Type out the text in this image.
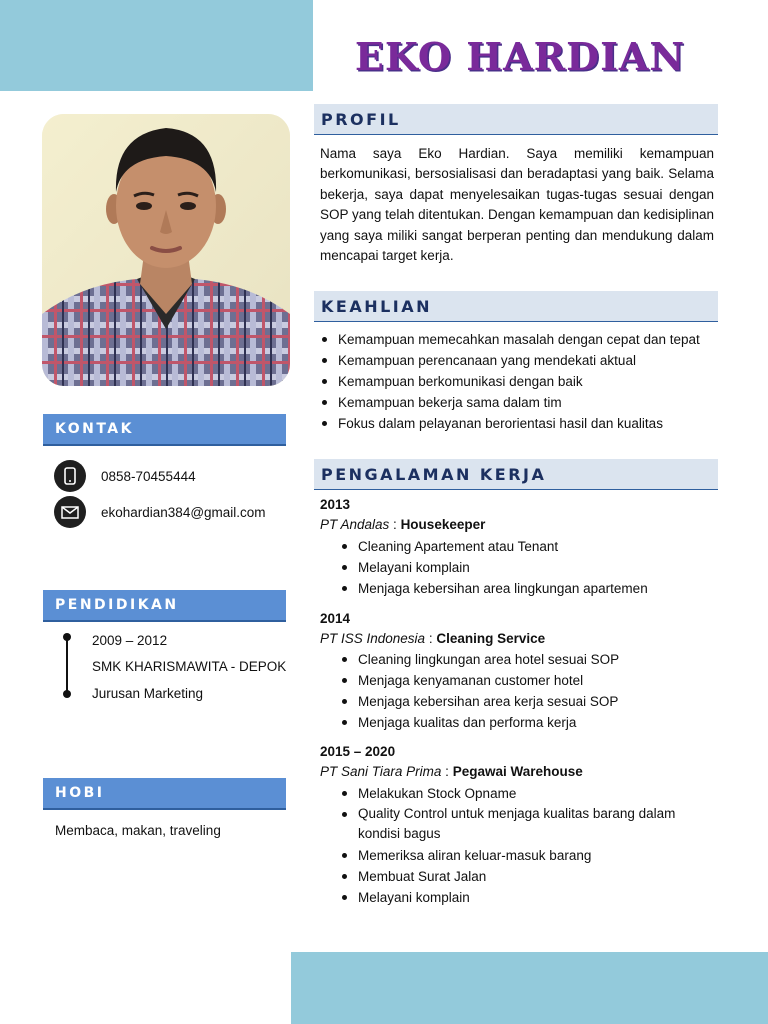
EKO HARDIAN
KONTAK
0858-70455444
ekohardian384@gmail.com
PENDIDIKAN
2009 – 2012
SMK KHARISMAWITA - DEPOK
Jurusan Marketing
HOBI
Membaca, makan, traveling
PROFIL

Nama saya Eko Hardian. Saya memiliki kemampuan berkomunikasi, bersosialisasi dan beradaptasi yang baik. Selama bekerja, saya dapat menyelesaikan tugas-tugas sesuai dengan SOP yang telah ditentukan. Dengan kemampuan dan kedisiplinan yang saya miliki sangat berperan penting dan mendukung dalam mencapai target kerja.

KEAHLIAN
Kemampuan memecahkan masalah dengan cepat dan tepat
Kemampuan perencanaan yang mendekati aktual
Kemampuan berkomunikasi dengan baik
Kemampuan bekerja sama dalam tim
Fokus dalam pelayanan berorientasi hasil dan kualitas
PENGALAMAN KERJA
2013
PT Andalas : Housekeeper
Cleaning Apartement atau Tenant
Melayani komplain
Menjaga kebersihan area lingkungan apartemen
2014
PT ISS Indonesia : Cleaning Service
Cleaning lingkungan area hotel sesuai SOP
Menjaga kenyamanan customer hotel
Menjaga kebersihan area kerja sesuai SOP
Menjaga kualitas dan performa kerja
2015 – 2020
PT Sani Tiara Prima : Pegawai Warehouse
Melakukan Stock Opname
Quality Control untuk menjaga kualitas barang dalam kondisi bagus
Memeriksa aliran keluar-masuk barang
Membuat Surat Jalan
Melayani komplain
